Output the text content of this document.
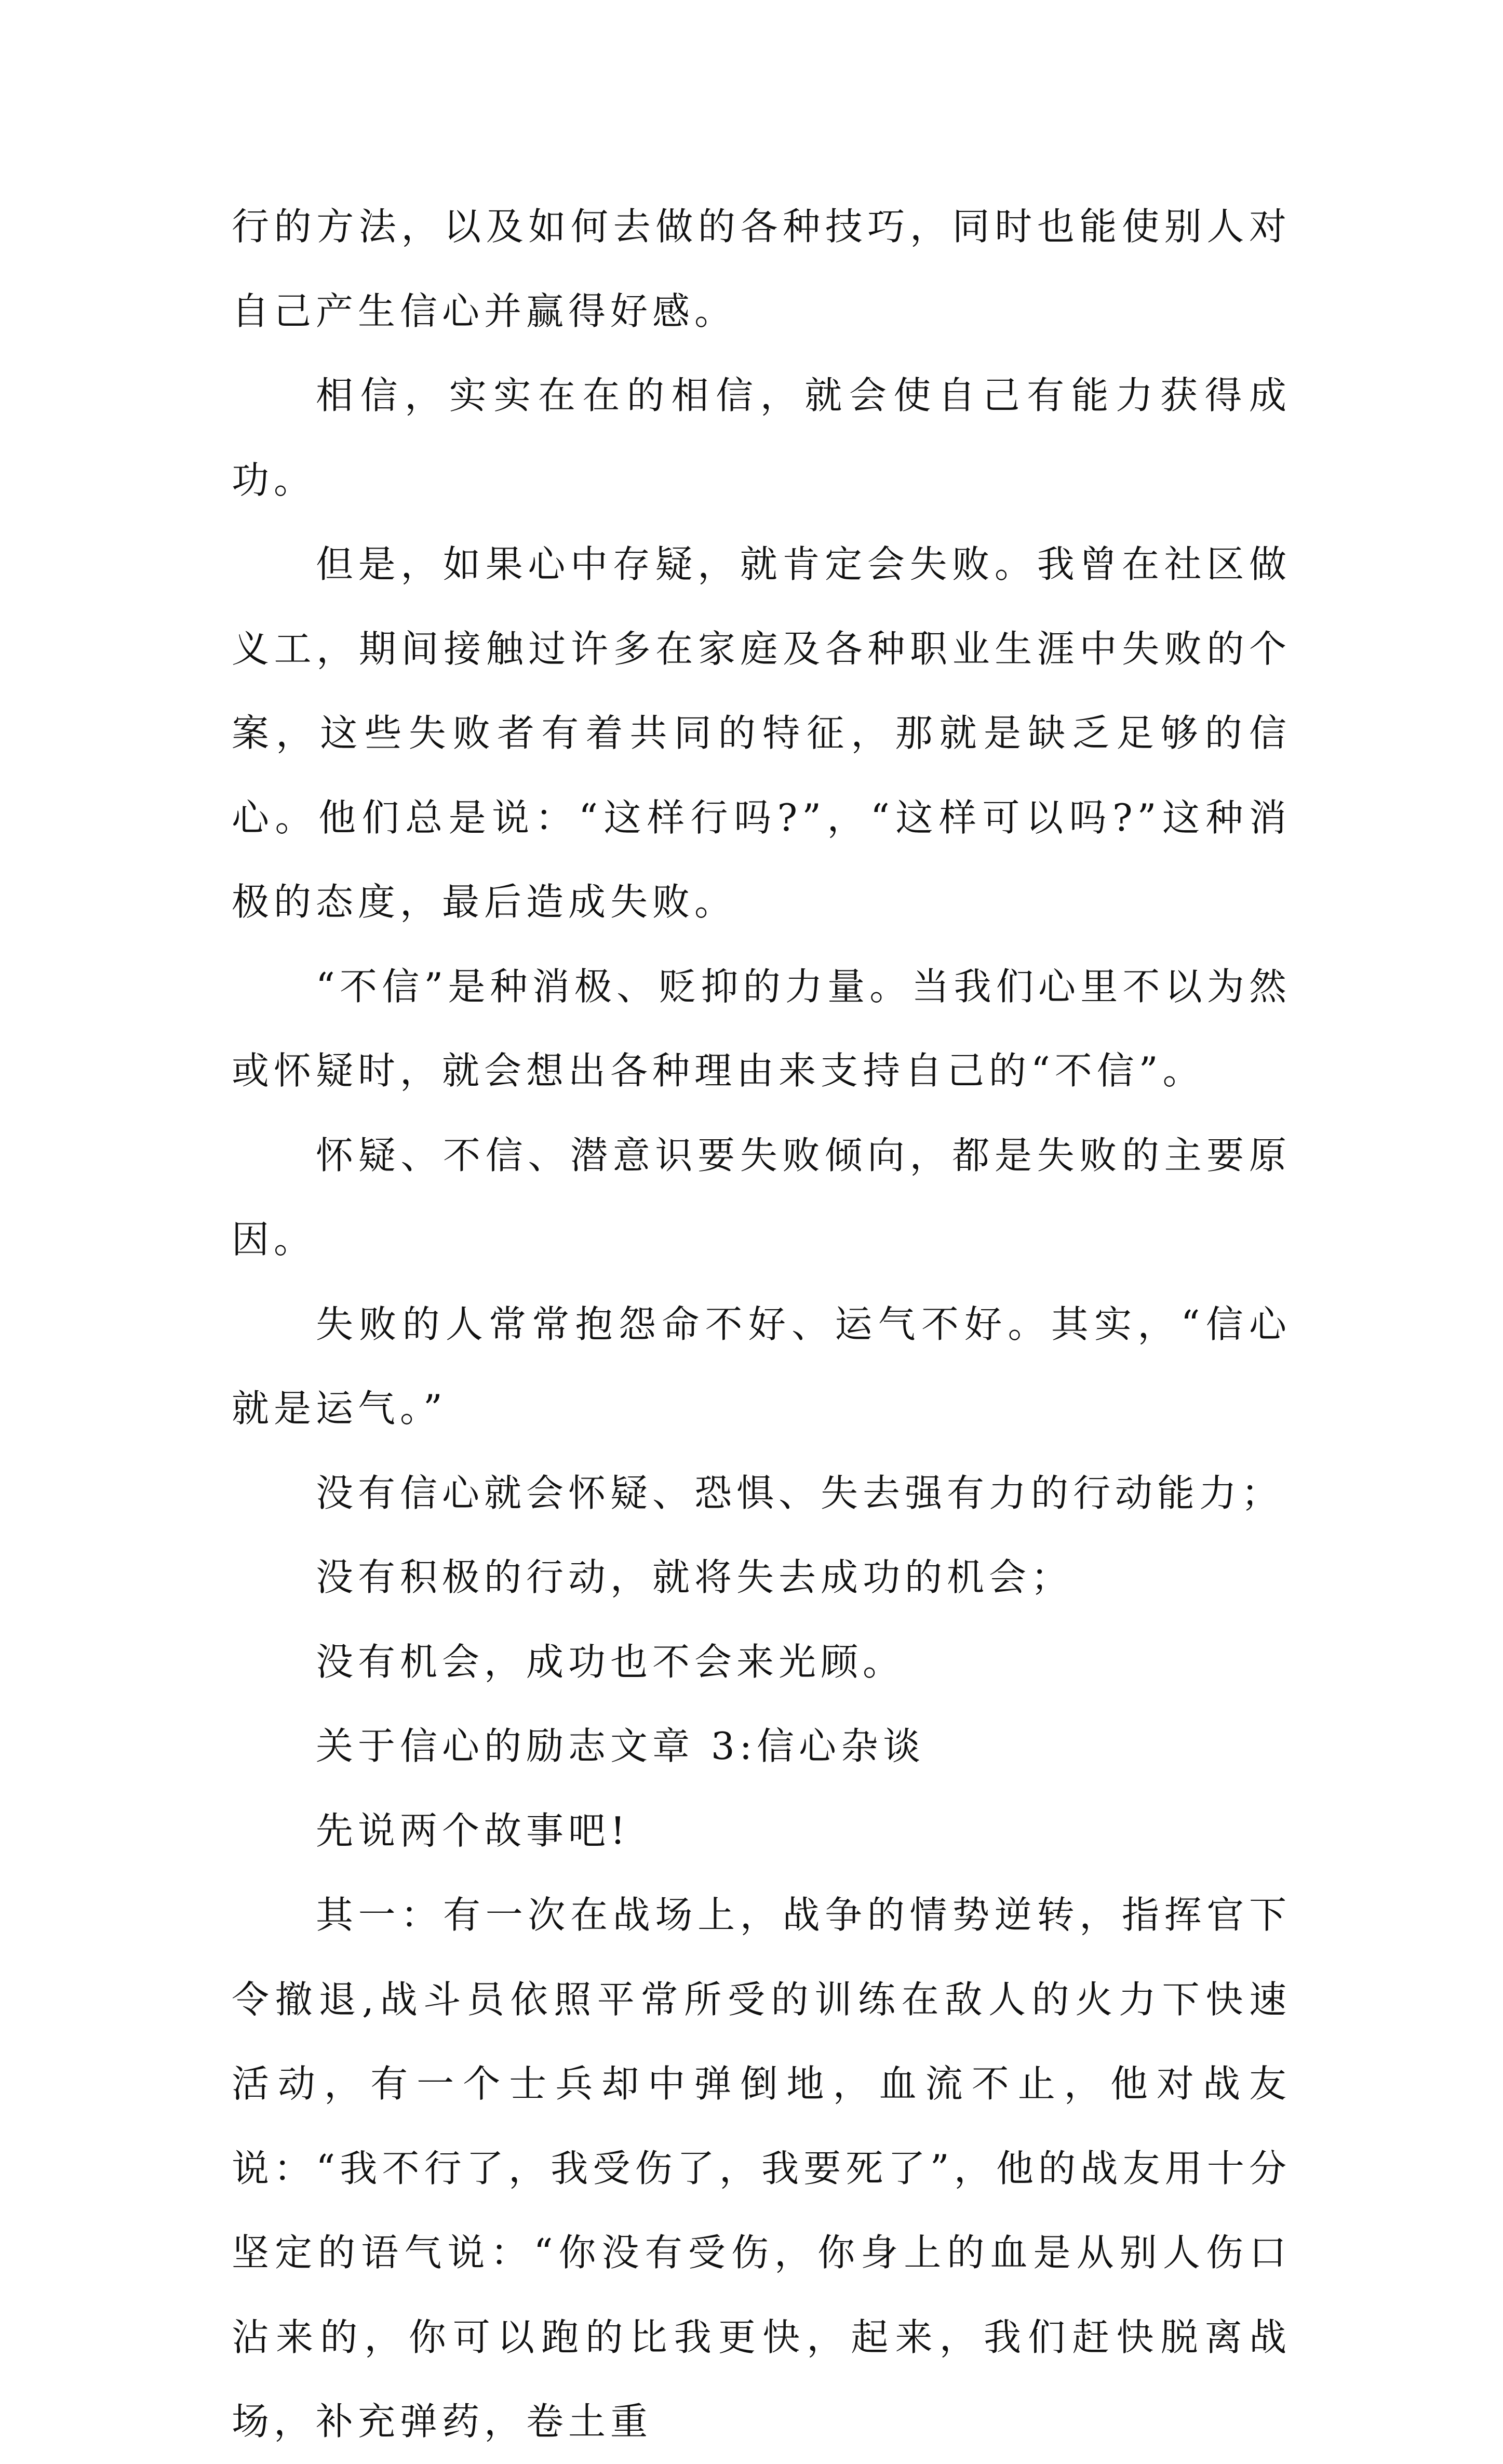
行的方法，以及如何去做的各种技巧，同时也能使别人对自己产生信心并赢得好感。

相信，实实在在的相信，就会使自己有能力获得成功。

但是，如果心中存疑，就肯定会失败。我曾在社区做义工，期间接触过许多在家庭及各种职业生涯中失败的个案，这些失败者有着共同的特征，那就是缺乏足够的信心。他们总是说：“这样行吗?”，“这样可以吗?”这种消极的态度，最后造成失败。

“不信”是种消极、贬抑的力量。当我们心里不以为然或怀疑时，就会想出各种理由来支持自己的“不信”。

怀疑、不信、潜意识要失败倾向，都是失败的主要原因。

失败的人常常抱怨命不好、运气不好。其实，“信心就是运气。”

没有信心就会怀疑、恐惧、失去强有力的行动能力；

没有积极的行动，就将失去成功的机会；

没有机会，成功也不会来光顾。

关于信心的励志文章 3:信心杂谈

先说两个故事吧!

其一：有一次在战场上，战争的情势逆转，指挥官下令撤退,战斗员依照平常所受的训练在敌人的火力下快速活动，有一个士兵却中弹倒地，血流不止，他对战友说：“我不行了，我受伤了，我要死了”，他的战友用十分坚定的语气说：“你没有受伤，你身上的血是从别人伤口沾来的，你可以跑的比我更快，起来，我们赶快脱离战场，补充弹药，卷土重
